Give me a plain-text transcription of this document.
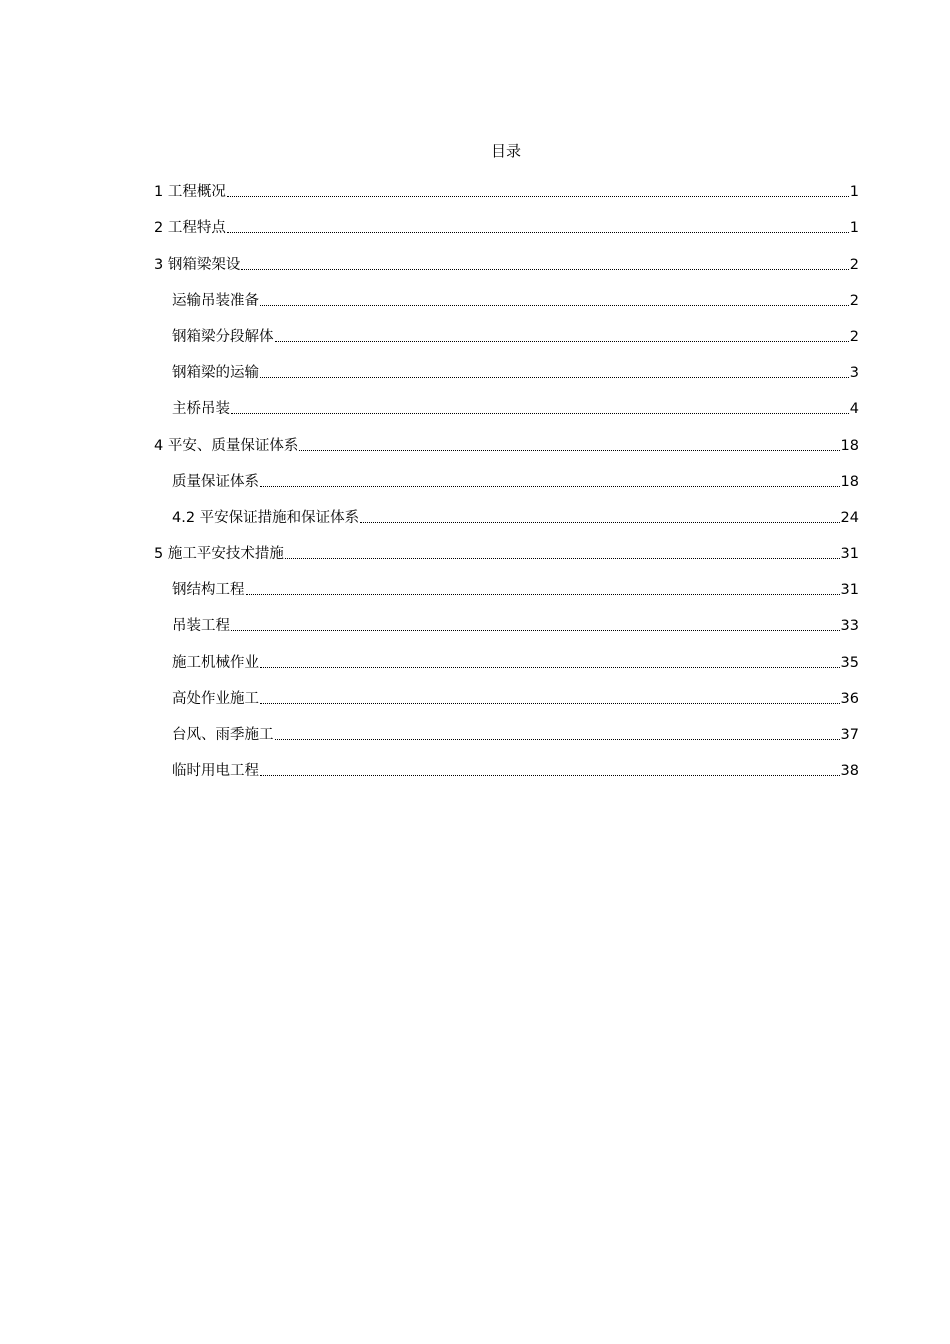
目录
1 工程概况	1
2 工程特点	1
3 钢箱梁架设	2
运输吊装准备	2
钢箱梁分段解体	2
钢箱梁的运输	3
主桥吊装	4
4 平安、质量保证体系	18
质量保证体系	18
4.2 平安保证措施和保证体系	24
5 施工平安技术措施	31
钢结构工程	31
吊装工程	33
施工机械作业	35
高处作业施工	36
台风、雨季施工	37
临时用电工程	38
